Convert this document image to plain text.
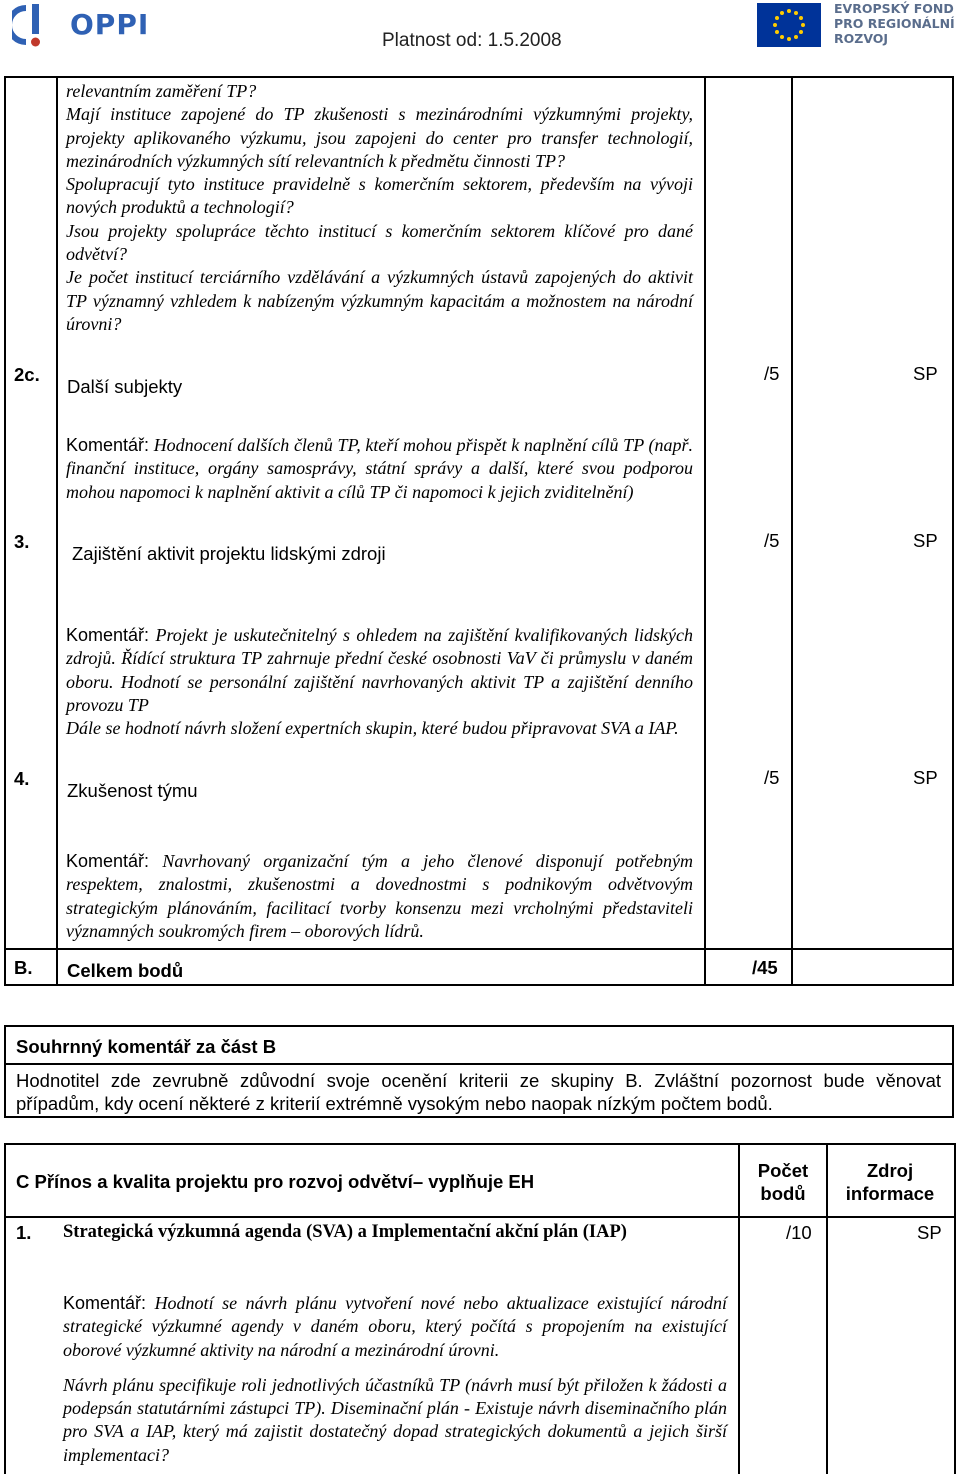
OPPI	Platnost od: 1.5.2008
EVROPSKÝ FOND
PRO REGIONÁLNÍ
ROZVOJ

relevantním zaměření TP?

Mají instituce zapojené do TP zkušenosti s mezinárodními výzkumnými projekty, projekty aplikovaného výzkumu, jsou zapojeni do center pro transfer technologií, mezinárodních výzkumných sítí relevantních k předmětu činnosti TP?

Spolupracují tyto instituce pravidelně s komerčním sektorem, především na vývoji nových produktů a technologií?

Jsou projekty spolupráce těchto institucí s komerčním sektorem klíčové pro dané odvětví?

Je počet institucí terciárního vzdělávání a výzkumných ústavů zapojených do aktivit TP významný vzhledem k nabízeným výzkumným kapacitám a možnostem na národní úrovni?

2c.
Další subjekty
/5	SP
Komentář: Hodnocení dalších členů TP, kteří mohou přispět k naplnění cílů TP (např. finanční instituce, orgány samosprávy, státní správy a další, které svou podporou mohou napomoci k naplnění aktivit a cílů TP či napomoci k jejich zviditelnění)
3.
Zajištění aktivit projektu lidskými zdroji
/5	SP

Komentář: Projekt je uskutečnitelný s ohledem na zajištění kvalifikovaných lidských zdrojů. Řídící struktura TP zahrnuje přední české osobnosti VaV či průmyslu v daném oboru. Hodnotí se personální zajištění navrhovaných aktivit TP a zajištění denního provozu TP

Dále se hodnotí návrh složení expertních skupin, které budou připravovat SVA a IAP.

4.
Zkušenost týmu
/5	SP
Komentář: Navrhovaný organizační tým a jeho členové disponují potřebným respektem, znalostmi, zkušenostmi a dovednostmi s podnikovým odvětvovým strategickým plánováním, facilitací tvorby konsenzu mezi vrcholnými představiteli významných soukromých firem – oborových lídrů.
B. Celkem bodů	/45
Souhrnný komentář za část B
Hodnotitel zde zevrubně zdůvodní svoje ocenění kriterii ze skupiny B. Zvláštní pozornost bude věnovat případům, kdy ocení některé z kriterií extrémně vysokým nebo naopak nízkým počtem bodů.
C Přínos a kvalita projektu pro rozvoj odvětví– vyplňuje EH
Počet bodů
Zdroj informace
1. Strategická výzkumná agenda (SVA) a Implementační akční plán (IAP)	/10	SP

Komentář: Hodnotí se návrh plánu vytvoření nové nebo aktualizace existující národní strategické výzkumné agendy v daném oboru, který počítá s propojením na existující oborové výzkumné aktivity na národní a mezinárodní úrovni.

Návrh plánu specifikuje roli jednotlivých účastníků TP (návrh musí být přiložen k žádosti a podepsán statutárními zástupci TP). Diseminační plán - Existuje návrh diseminačního plán pro SVA a IAP, který má zajistit dostatečný dopad strategických dokumentů a jejich širší implementaci?
